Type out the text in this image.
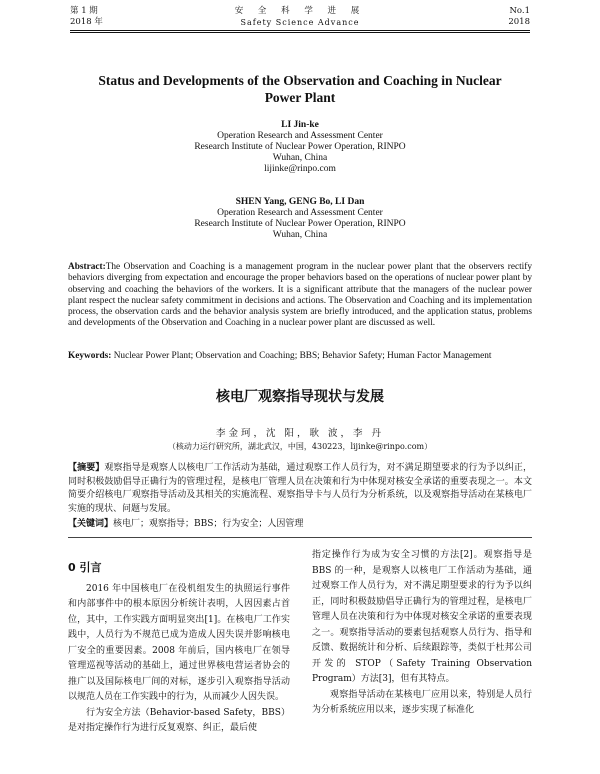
第 1 期
2018 年
安 全 科 学 进 展
Safety Science Advance
No.1
2018
Status and Developments of the Observation and Coaching in Nuclear
Power Plant
LI Jin-ke
Operation Research and Assessment Center
Research Institute of Nuclear Power Operation, RINPO
Wuhan, China
lijinke@rinpo.com
SHEN Yang, GENG Bo, LI Dan
Operation Research and Assessment Center
Research Institute of Nuclear Power Operation, RINPO
Wuhan, China
Abstract:The Observation and Coaching is a management program in the nuclear power plant that the observers rectify behaviors diverging from expectation and encourage the proper behaviors based on the operations of nuclear power plant by observing and coaching the behaviors of the workers. It is a significant attribute that the managers of the nuclear power plant respect the nuclear safety commitment in decisions and actions. The Observation and Coaching and its implementation process, the observation cards and the behavior analysis system are briefly introduced, and the application status, problems and developments of the Observation and Coaching in a nuclear power plant are discussed as well.
Keywords: Nuclear Power Plant; Observation and Coaching; BBS; Behavior Safety; Human Factor Management
核电厂观察指导现状与发展
李金珂，沈 阳，耿 波，李 丹
（核动力运行研究所，湖北武汉，中国，430223，lijinke@rinpo.com）
【摘要】观察指导是观察人以核电厂工作活动为基础，通过观察工作人员行为，对不满足期望要求的行为予以纠正，同时积极鼓励倡导正确行为的管理过程，是核电厂管理人员在决策和行为中体现对核安全承诺的重要表现之一。本文简要介绍核电厂观察指导活动及其相关的实施流程、观察指导卡与人员行为分析系统，以及观察指导活动在某核电厂实施的现状、问题与发展。
【关键词】核电厂；观察指导；BBS；行为安全；人因管理
0 引言

2016 年中国核电厂在役机组发生的执照运行事件和内部事件中的根本原因分析统计表明，人因因素占首位，其中，工作实践方面明显突出[1]。在核电厂工作实践中，人员行为不规范已成为造成人因失误并影响核电厂安全的重要因素。2008 年前后，国内核电厂在领导管理巡视等活动的基础上，通过世界核电营运者协会的推广以及国际核电厂间的对标，逐步引入观察指导活动以规范人员在工作实践中的行为，从而减少人因失误。

行为安全方法（Behavior-based Safety，BBS）是对指定操作行为进行反复观察、纠正，最后使

指定操作行为成为安全习惯的方法[2]。观察指导是 BBS 的一种，是观察人以核电厂工作活动为基础，通过观察工作人员行为，对不满足期望要求的行为予以纠正，同时积极鼓励倡导正确行为的管理过程，是核电厂管理人员在决策和行为中体现对核安全承诺的重要表现之一。观察指导活动的要素包括观察人员行为、指导和反馈、数据统计和分析、后续跟踪等，类似于杜邦公司开发的 STOP（Safety Training Observation Program）方法[3]，但有其特点。

观察指导活动在某核电厂应用以来，特别是人员行为分析系统应用以来，逐步实现了标准化
